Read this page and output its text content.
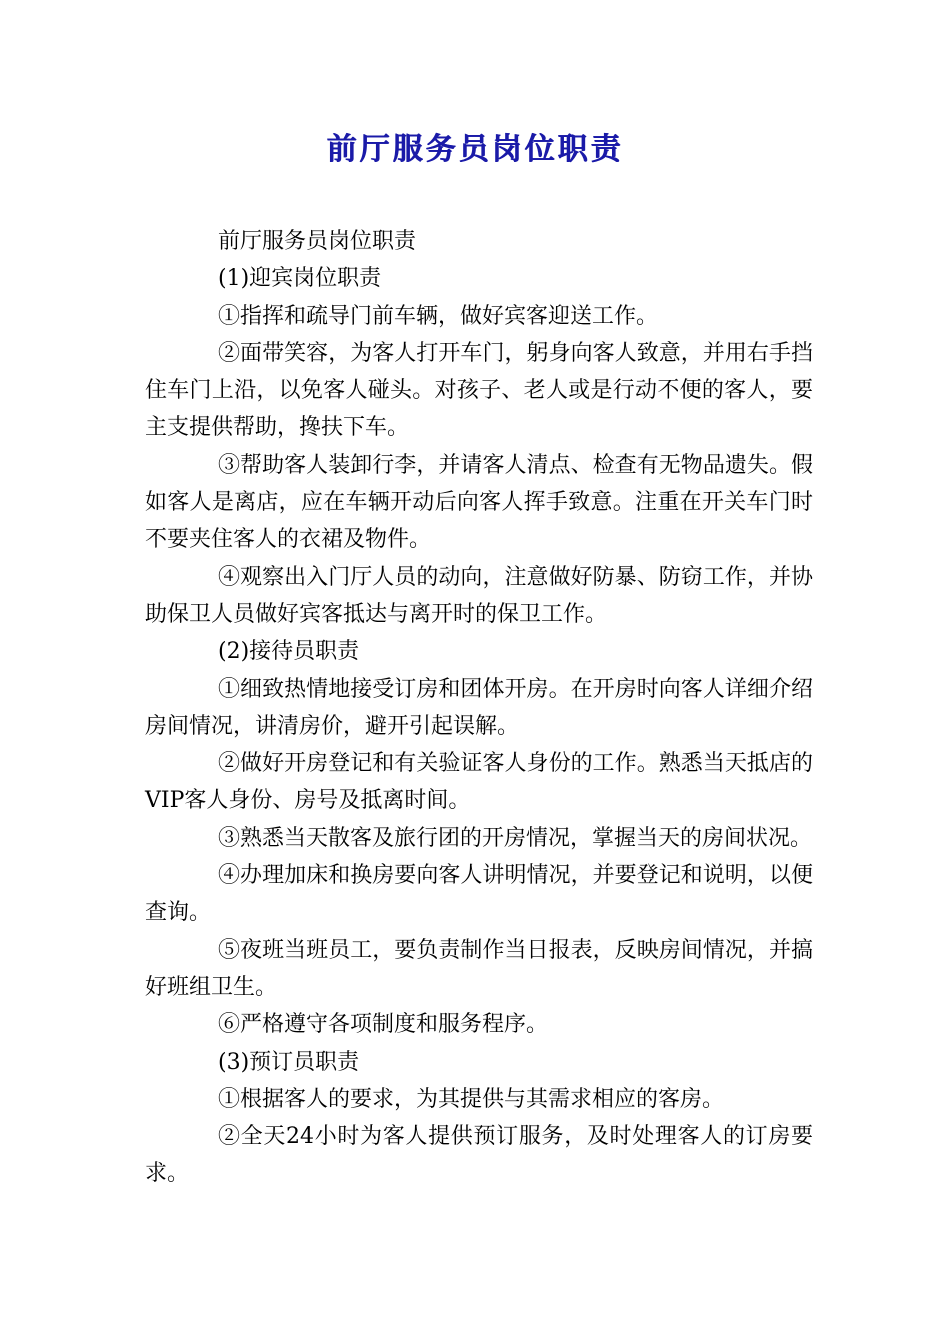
前厅服务员岗位职责

前厅服务员岗位职责

(1)迎宾岗位职责

①指挥和疏导门前车辆，做好宾客迎送工作。

②面带笑容，为客人打开车门，躬身向客人致意，并用右手挡住车门上沿，以免客人碰头。对孩子、老人或是行动不便的客人，要主支提供帮助，搀扶下车。

③帮助客人装卸行李，并请客人清点、检查有无物品遗失。假如客人是离店，应在车辆开动后向客人挥手致意。注重在开关车门时不要夹住客人的衣裙及物件。

④观察出入门厅人员的动向，注意做好防暴、防窃工作，并协助保卫人员做好宾客抵达与离开时的保卫工作。

(2)接待员职责

①细致热情地接受订房和团体开房。在开房时向客人详细介绍房间情况，讲清房价，避开引起误解。

②做好开房登记和有关验证客人身份的工作。熟悉当天抵店的VIP客人身份、房号及抵离时间。

③熟悉当天散客及旅行团的开房情况，掌握当天的房间状况。

④办理加床和换房要向客人讲明情况，并要登记和说明，以便查询。

⑤夜班当班员工，要负责制作当日报表，反映房间情况，并搞好班组卫生。

⑥严格遵守各项制度和服务程序。

(3)预订员职责

①根据客人的要求，为其提供与其需求相应的客房。

②全天24小时为客人提供预订服务，及时处理客人的订房要求。
